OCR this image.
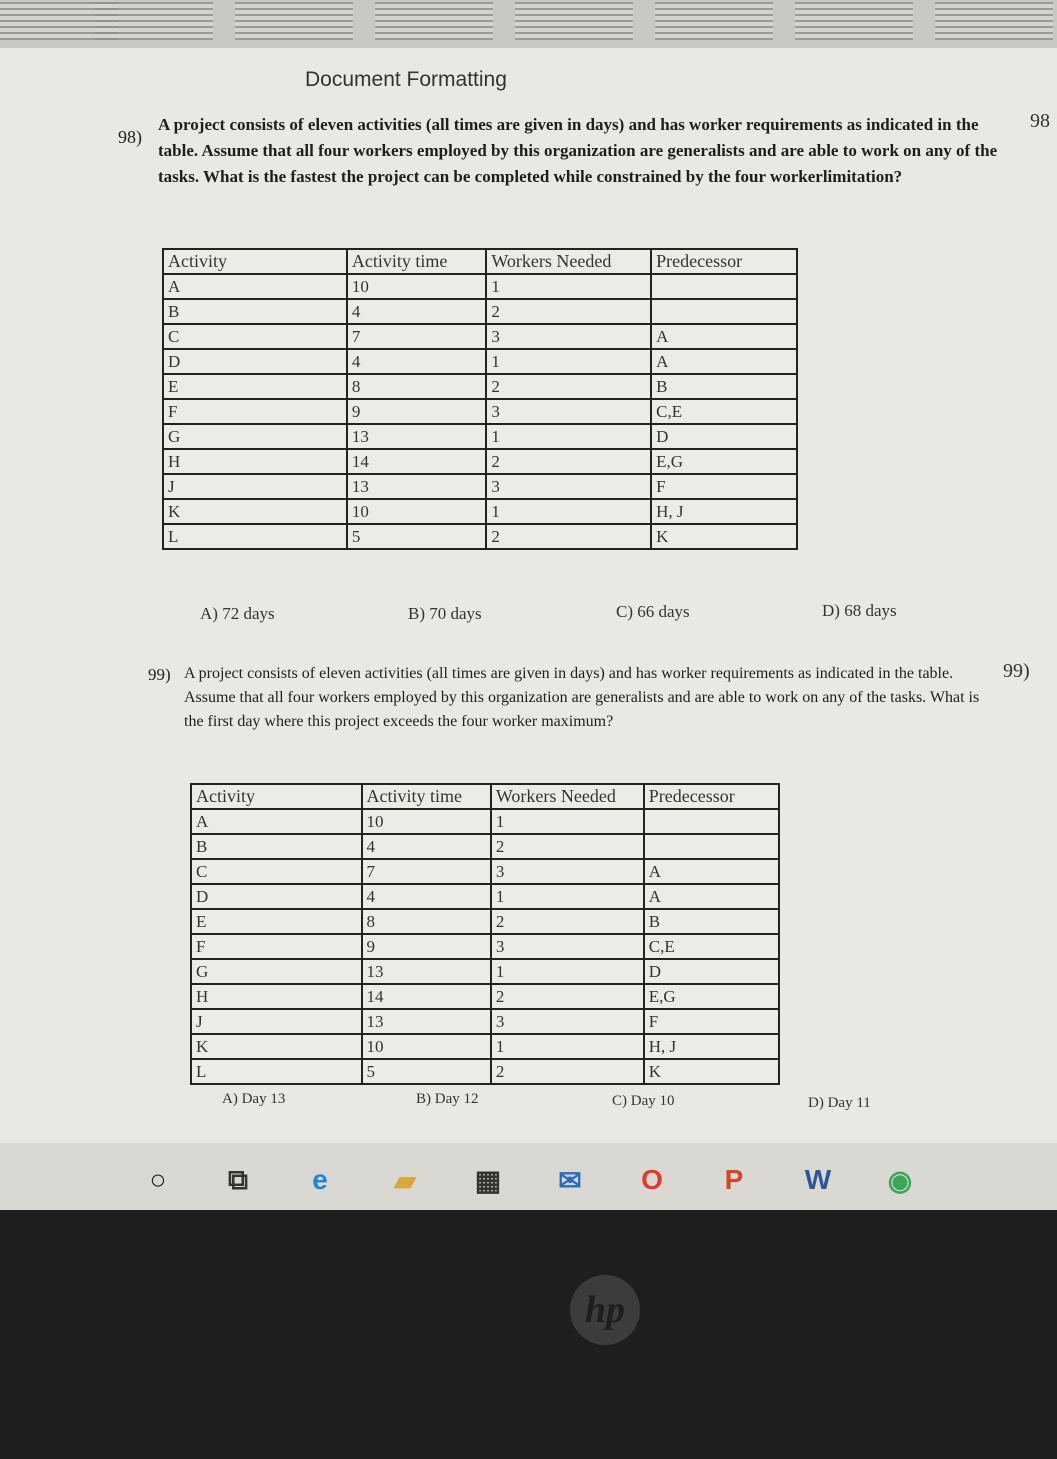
Document Formatting
98)
98
A project consists of eleven activities (all times are given in days) and has worker requirements as indicated in the table. Assume that all four workers employed by this organization are generalists and are able to work on any of the tasks. What is the fastest the project can be completed while constrained by the four workerlimitation?
Activity	Activity time	Workers Needed	Predecessor
A	10	1	
B	4	2	
C	7	3	A
D	4	1	A
E	8	2	B
F	9	3	C,E
G	13	1	D
H	14	2	E,G
J	13	3	F
K	10	1	H, J
L	5	2	K
A) 72 days	B) 70 days	C) 66 days	D) 68 days
99)	99)
A project consists of eleven activities (all times are given in days) and has worker requirements as indicated in the table. Assume that all four workers employed by this organization are generalists and are able to work on any of the tasks. What is the first day where this project exceeds the four worker maximum?
Activity	Activity time	Workers Needed	Predecessor
A	10	1	
B	4	2	
C	7	3	A
D	4	1	A
E	8	2	B
F	9	3	C,E
G	13	1	D
H	14	2	E,G
J	13	3	F
K	10	1	H, J
L	5	2	K
A) Day 13	B) Day 12	C) Day 10	D) Day 11
○	⧉	e	▰	▦ ✉	O	P	W ◉
hp
